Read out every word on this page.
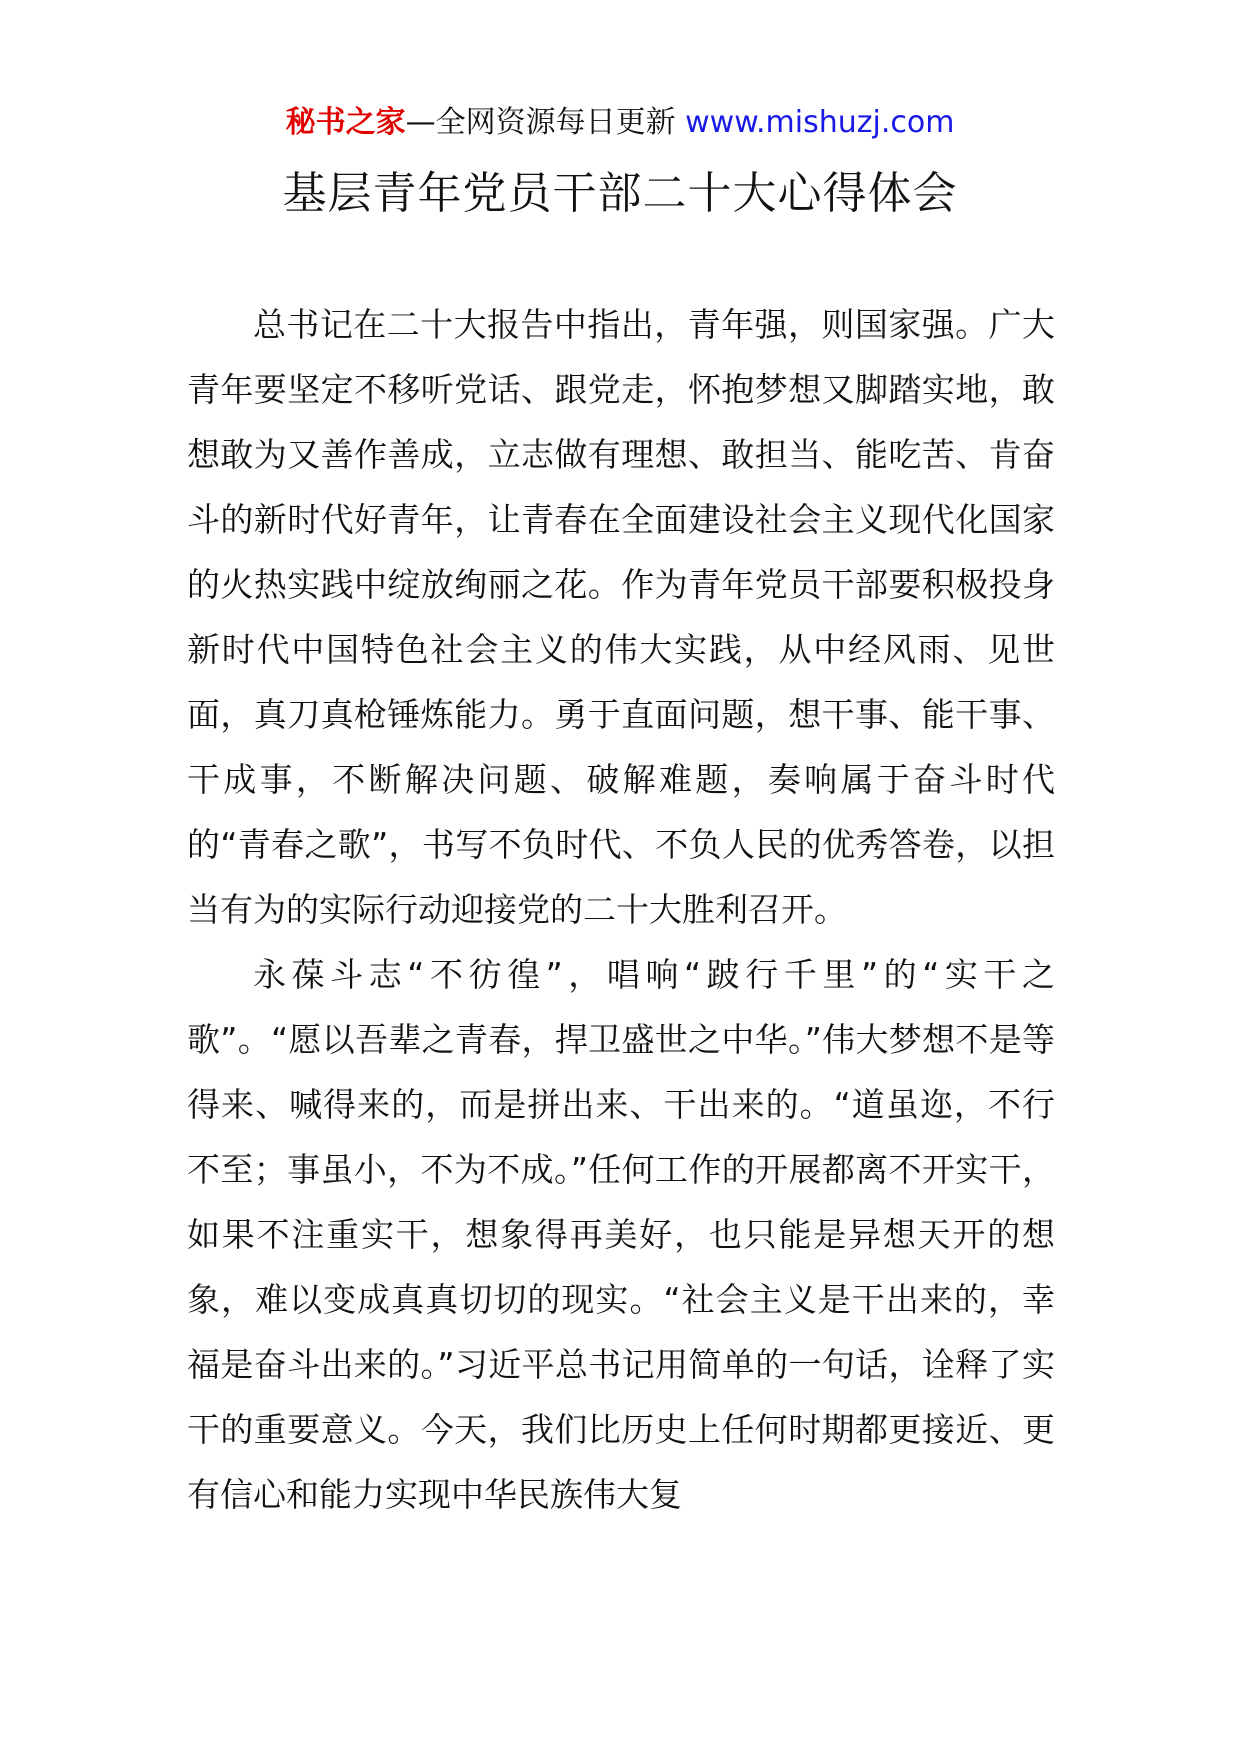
秘书之家—全网资源每日更新 www.mishuzj.com
基层青年党员干部二十大心得体会

总书记在二十大报告中指出，青年强，则国家强。广大青年要坚定不移听党话、跟党走，怀抱梦想又脚踏实地，敢想敢为又善作善成，立志做有理想、敢担当、能吃苦、肯奋斗的新时代好青年，让青春在全面建设社会主义现代化国家的火热实践中绽放绚丽之花。作为青年党员干部要积极投身新时代中国特色社会主义的伟大实践，从中经风雨、见世面，真刀真枪锤炼能力。勇于直面问题，想干事、能干事、干成事，不断解决问题、破解难题，奏响属于奋斗时代的“青春之歌”，书写不负时代、不负人民的优秀答卷，以担当有为的实际行动迎接党的二十大胜利召开。

永葆斗志“不彷徨”，唱响“跛行千里”的“实干之歌”。“愿以吾辈之青春，捍卫盛世之中华。”伟大梦想不是等得来、喊得来的，而是拼出来、干出来的。“道虽迩，不行不至；事虽小，不为不成。”任何工作的开展都离不开实干，如果不注重实干，想象得再美好，也只能是异想天开的想象，难以变成真真切切的现实。“社会主义是干出来的，幸福是奋斗出来的。”习近平总书记用简单的一句话，诠释了实干的重要意义。今天，我们比历史上任何时期都更接近、更有信心和能力实现中华民族伟大复
